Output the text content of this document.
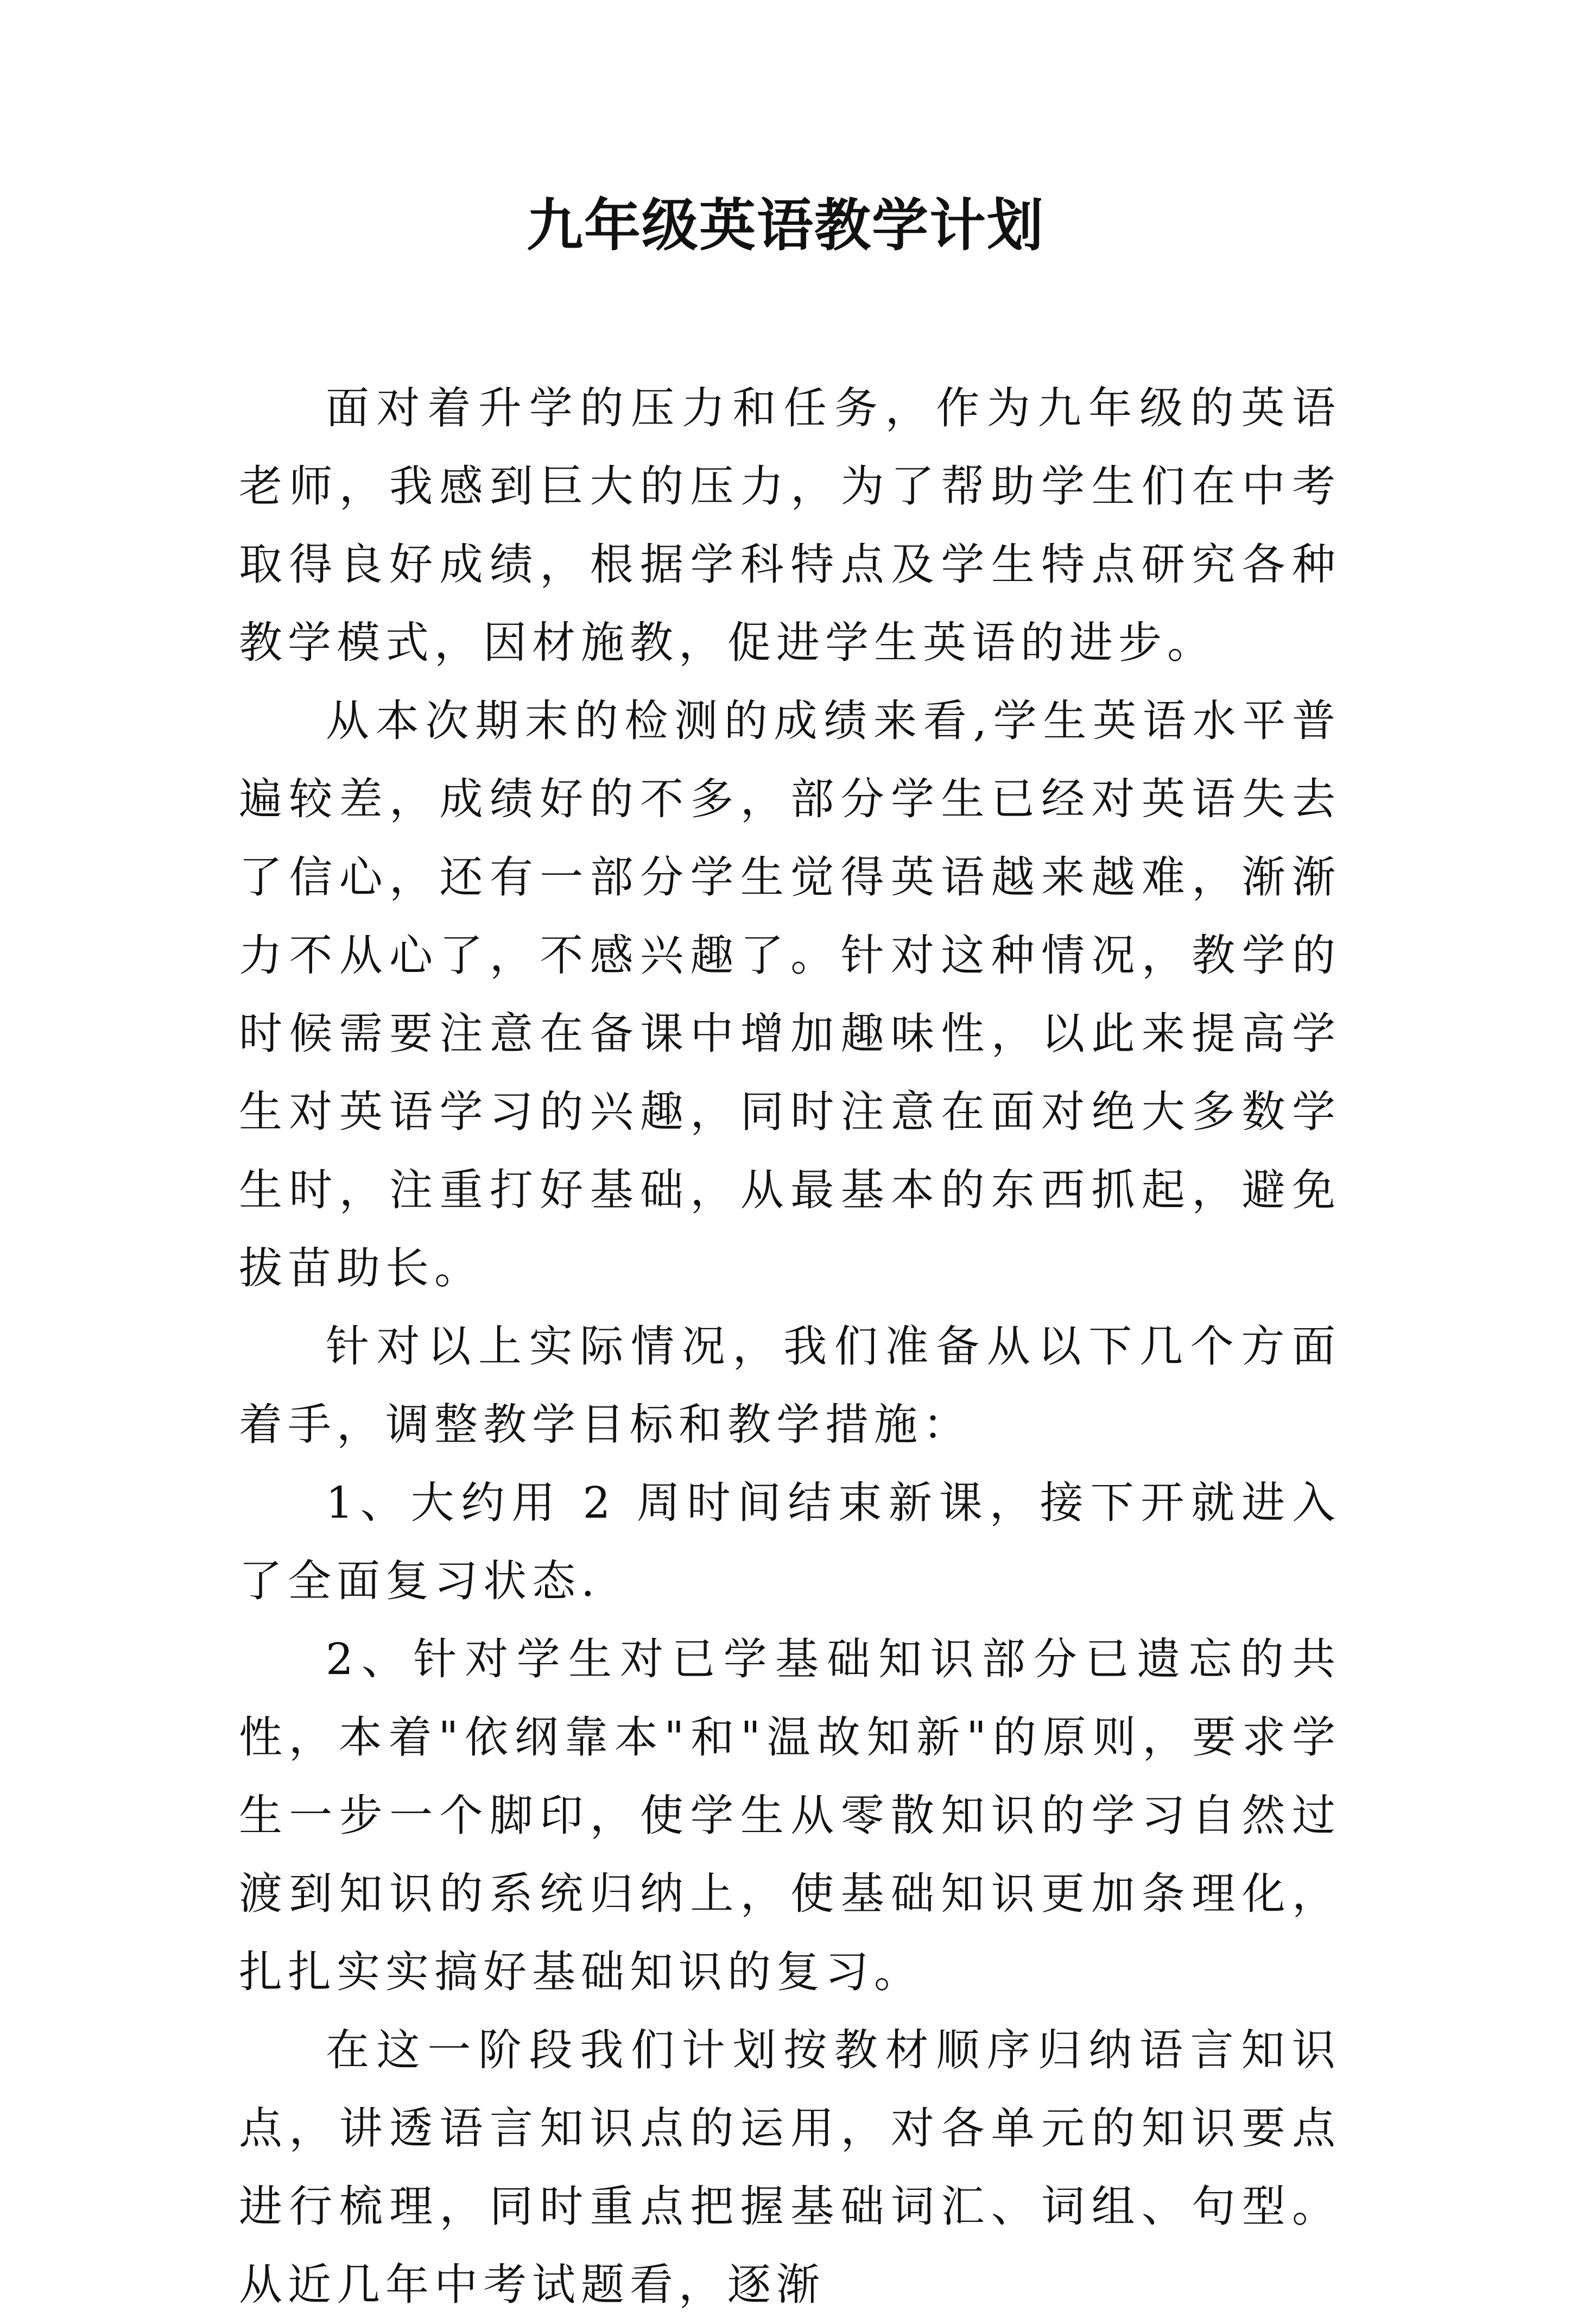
九年级英语教学计划

面对着升学的压力和任务，作为九年级的英语老师，我感到巨大的压力，为了帮助学生们在中考取得良好成绩，根据学科特点及学生特点研究各种教学模式，因材施教，促进学生英语的进步。

从本次期末的检测的成绩来看,学生英语水平普遍较差，成绩好的不多，部分学生已经对英语失去了信心，还有一部分学生觉得英语越来越难，渐渐力不从心了，不感兴趣了。针对这种情况，教学的时候需要注意在备课中增加趣味性，以此来提高学生对英语学习的兴趣，同时注意在面对绝大多数学生时，注重打好基础，从最基本的东西抓起，避免拔苗助长。

针对以上实际情况，我们准备从以下几个方面着手，调整教学目标和教学措施：

1、大约用 2 周时间结束新课，接下开就进入了全面复习状态.

2、针对学生对已学基础知识部分已遗忘的共性，本着"依纲靠本"和"温故知新"的原则，要求学生一步一个脚印，使学生从零散知识的学习自然过渡到知识的系统归纳上，使基础知识更加条理化，扎扎实实搞好基础知识的复习。

在这一阶段我们计划按教材顺序归纳语言知识点，讲透语言知识点的运用，对各单元的知识要点进行梳理，同时重点把握基础词汇、词组、句型。从近几年中考试题看，逐渐
